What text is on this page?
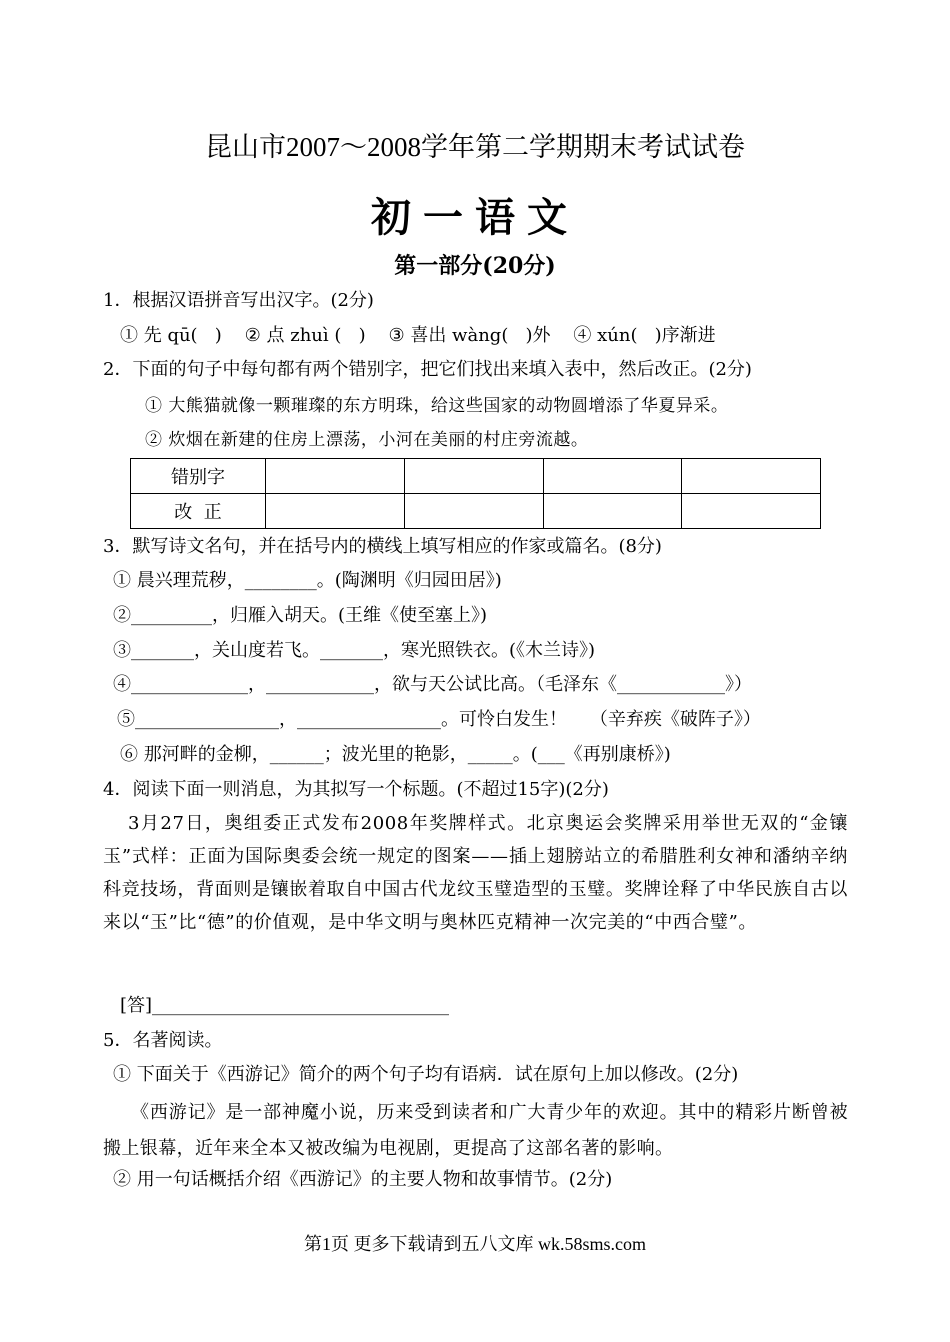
昆山市2007～2008学年第二学期期末考试试卷
初一语文
第一部分(20分)
1．根据汉语拼音写出汉字。(2分)
① 先 qū(   )    ② 点 zhuì (   )    ③ 喜出 wàng(   )外    ④ xún(   )序渐进
2．下面的句子中每句都有两个错别字，把它们找出来填入表中，然后改正。(2分)
① 大熊猫就像一颗璀璨的东方明珠，给这些国家的动物圆增添了华夏异采。
② 炊烟在新建的住房上漂荡，小河在美丽的村庄旁流越。
错别字				
改  正				
3．默写诗文名句，并在括号内的横线上填写相应的作家或篇名。(8分)
① 晨兴理荒秽，________。(陶渊明《归园田居》)
②_________，归雁入胡天。(王维《使至塞上》)
③_______，关山度若飞。_______，寒光照铁衣。(《木兰诗》)
④_____________，____________，欲与天公试比高。（毛泽东《____________》）
⑤________________，________________。可怜白发生！    （辛弃疾《破阵子》）
⑥ 那河畔的金柳，______；波光里的艳影，_____。(___《再别康桥》)
4．阅读下面一则消息，为其拟写一个标题。(不超过15字)(2分)
3月27日，奥组委正式发布2008年奖牌样式。北京奥运会奖牌采用举世无双的“金镶玉”式样：正面为国际奥委会统一规定的图案——插上翅膀站立的希腊胜利女神和潘纳辛纳科竞技场，背面则是镶嵌着取自中国古代龙纹玉璧造型的玉璧。奖牌诠释了中华民族自古以来以“玉”比“德”的价值观，是中华文明与奥林匹克精神一次完美的“中西合璧”。
[答]_________________________________
5．名著阅读。
① 下面关于《西游记》简介的两个句子均有语病．试在原句上加以修改。(2分)
《西游记》是一部神魔小说，历来受到读者和广大青少年的欢迎。其中的精彩片断曾被搬上银幕，近年来全本又被改编为电视剧，更提高了这部名著的影响。
② 用一句话概括介绍《西游记》的主要人物和故事情节。(2分)
第1页 更多下载请到五八文库 wk.58sms.com
